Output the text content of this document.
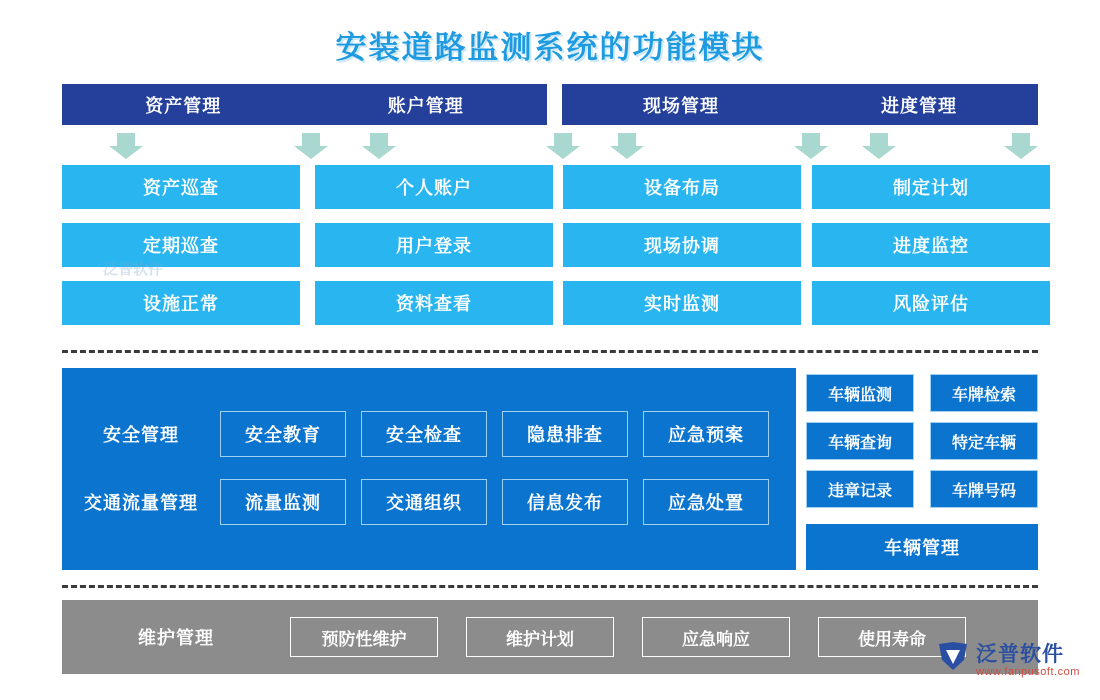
安装道路监测系统的功能模块
资产管理	账户管理	现场管理	进度管理
资产巡查
定期巡查
设施正常
个人账户
用户登录
资料查看
设备布局
现场协调
实时监测
制定计划
进度监控
风险评估
泛普软件
安全管理	安全教育	安全检查	隐患排查	应急预案
交通流量管理	流量监测	交通组织	信息发布	应急处置
车辆监测	车牌检索
车辆查询	特定车辆
违章记录	车牌号码
车辆管理
维护管理	预防性维护	维护计划	应急响应	使用寿命
泛普软件
www.fanpusoft.com
